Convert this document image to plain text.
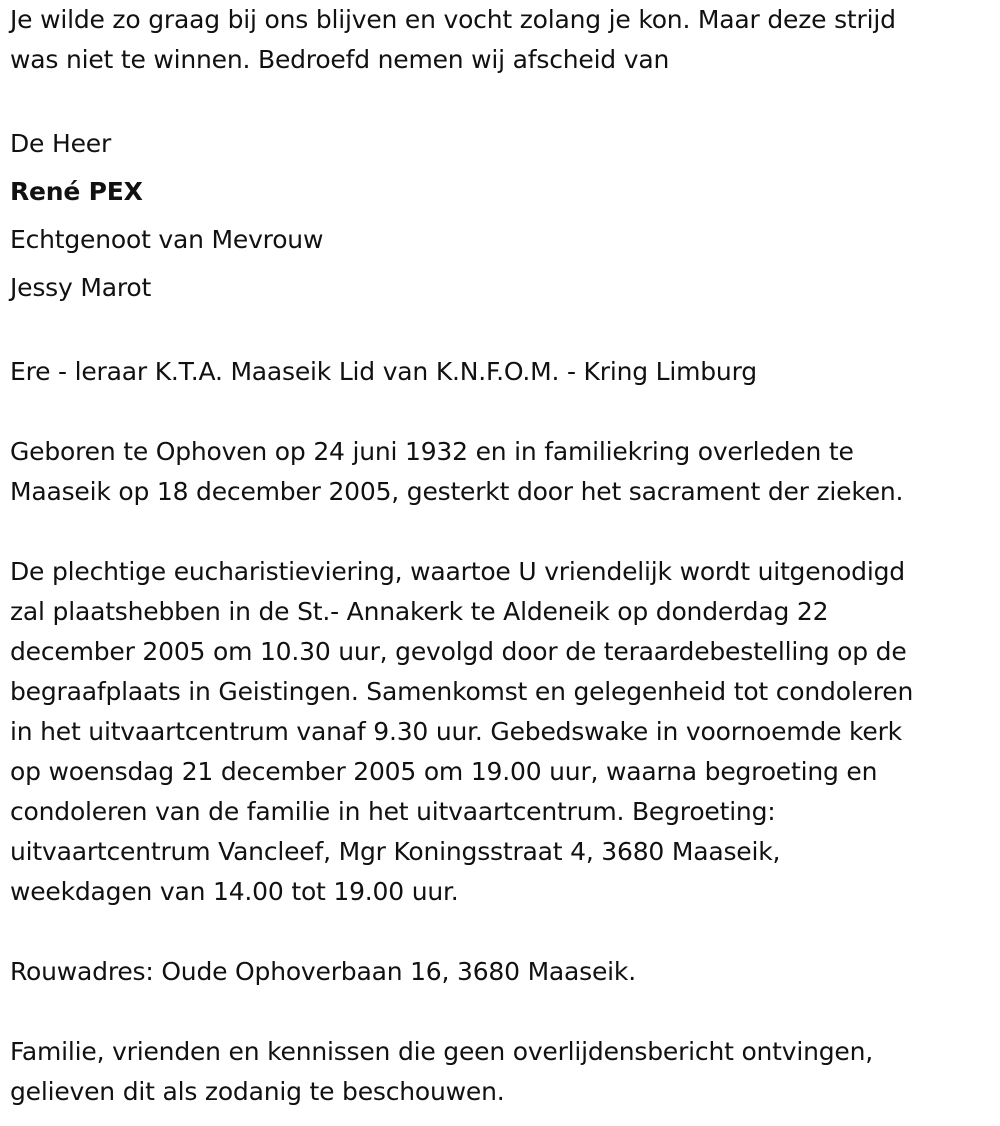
Je wilde zo graag bij ons blijven en vocht zolang je kon. Maar deze strijd

was niet te winnen. Bedroefd nemen wij afscheid van

De Heer

René PEX

Echtgenoot van Mevrouw

Jessy Marot

Ere - leraar K.T.A. Maaseik Lid van K.N.F.O.M. - Kring Limburg

Geboren te Ophoven op 24 juni 1932 en in familiekring overleden te

Maaseik op 18 december 2005, gesterkt door het sacrament der zieken.

De plechtige eucharistieviering, waartoe U vriendelijk wordt uitgenodigd

zal plaatshebben in de St.- Annakerk te Aldeneik op donderdag 22

december 2005 om 10.30 uur, gevolgd door de teraardebestelling op de

begraafplaats in Geistingen. Samenkomst en gelegenheid tot condoleren

in het uitvaartcentrum vanaf 9.30 uur. Gebedswake in voornoemde kerk

op woensdag 21 december 2005 om 19.00 uur, waarna begroeting en

condoleren van de familie in het uitvaartcentrum. Begroeting:

uitvaartcentrum Vancleef, Mgr Koningsstraat 4, 3680 Maaseik,

weekdagen van 14.00 tot 19.00 uur.

Rouwadres: Oude Ophoverbaan 16, 3680 Maaseik.

Familie, vrienden en kennissen die geen overlijdensbericht ontvingen,

gelieven dit als zodanig te beschouwen.
